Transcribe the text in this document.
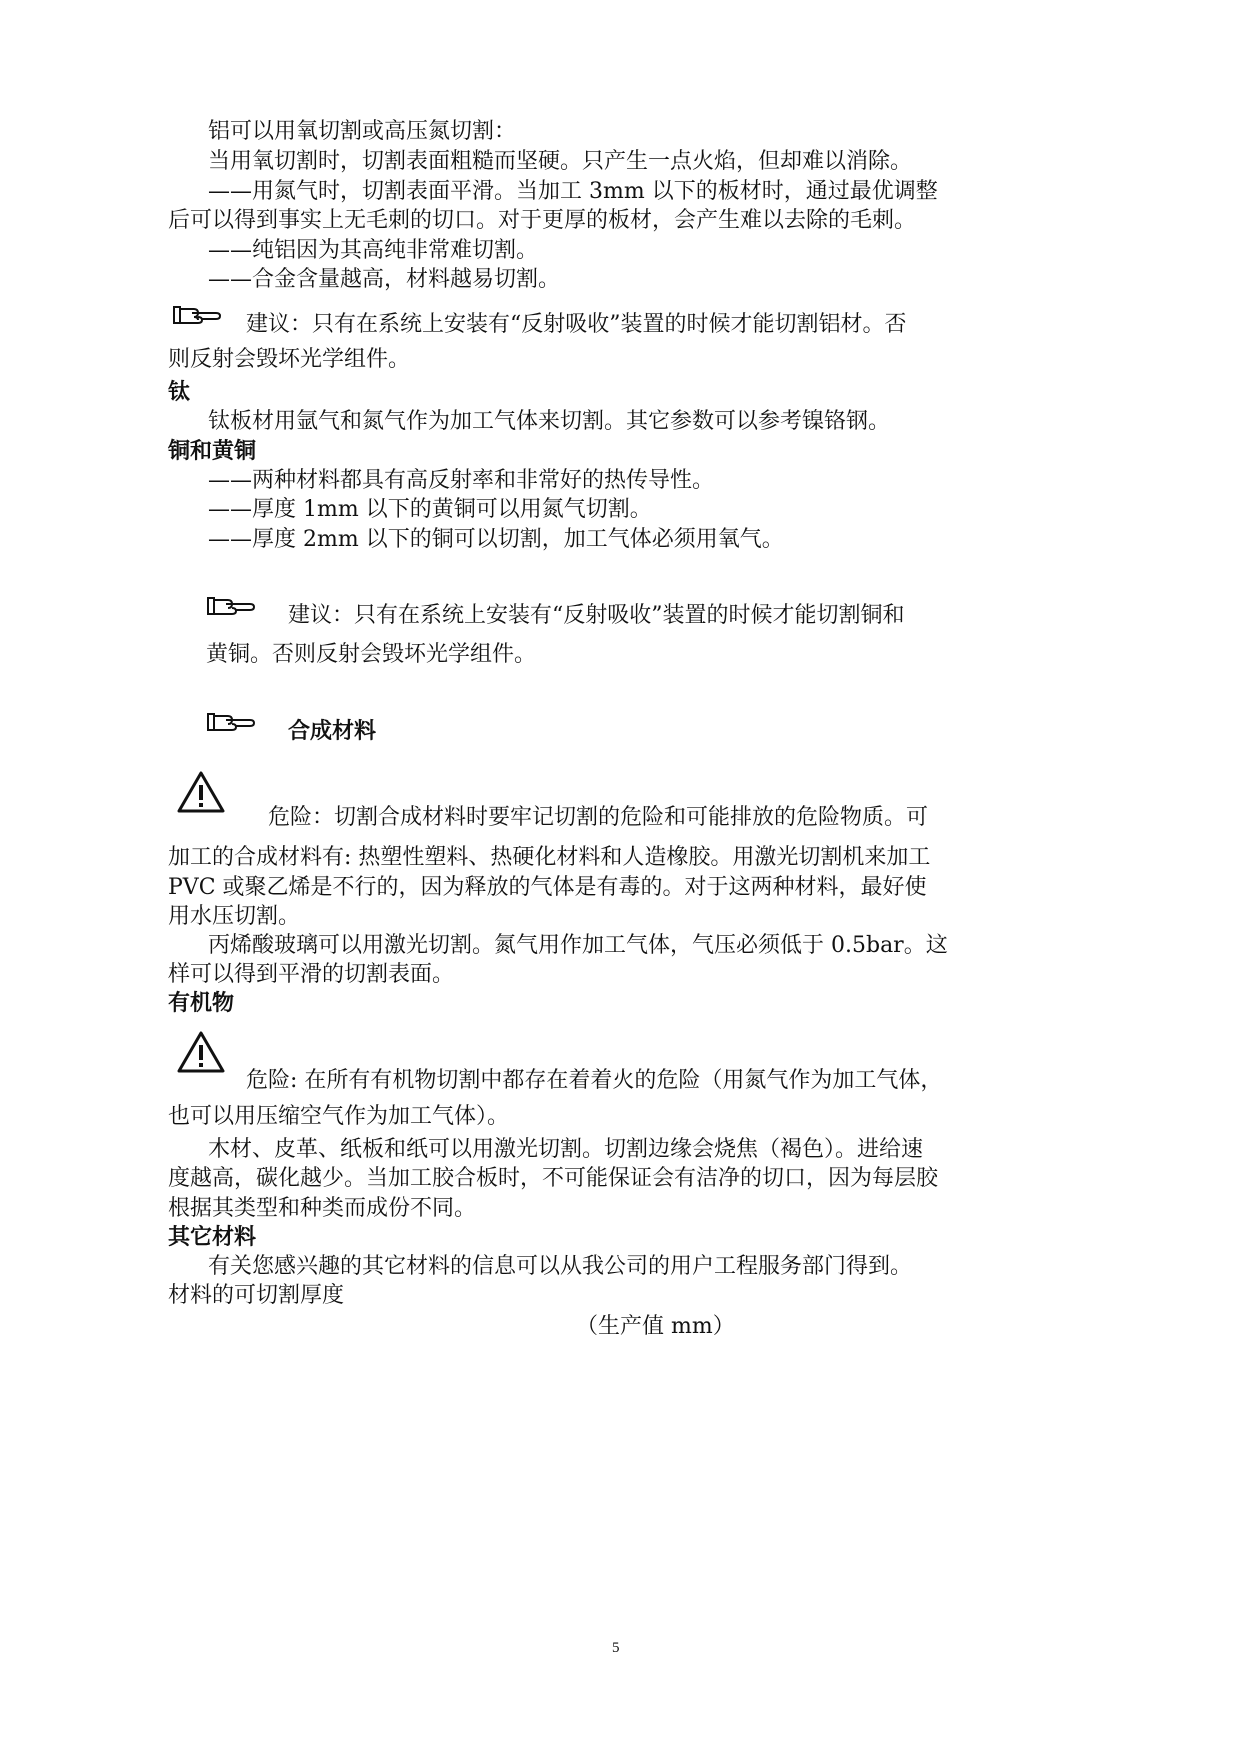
铝可以用氧切割或高压氮切割：
当用氧切割时，切割表面粗糙而坚硬。只产生一点火焰，但却难以消除。
——用氮气时，切割表面平滑。当加工 3mm 以下的板材时，通过最优调整
后可以得到事实上无毛刺的切口。对于更厚的板材，会产生难以去除的毛刺。
——纯铝因为其高纯非常难切割。
——合金含量越高，材料越易切割。
建议：只有在系统上安装有“反射吸收”装置的时候才能切割铝材。否
则反射会毁坏光学组件。
钛
钛板材用氩气和氮气作为加工气体来切割。其它参数可以参考镍铬钢。
铜和黄铜
——两种材料都具有高反射率和非常好的热传导性。
——厚度 1mm 以下的黄铜可以用氮气切割。
——厚度 2mm 以下的铜可以切割，加工气体必须用氧气。
建议：只有在系统上安装有“反射吸收”装置的时候才能切割铜和
黄铜。否则反射会毁坏光学组件。
合成材料
危险：切割合成材料时要牢记切割的危险和可能排放的危险物质。可
加工的合成材料有: 热塑性塑料、热硬化材料和人造橡胶。用激光切割机来加工
PVC 或聚乙烯是不行的，因为释放的气体是有毒的。对于这两种材料，最好使
用水压切割。
丙烯酸玻璃可以用激光切割。氮气用作加工气体，气压必须低于 0.5bar。这
样可以得到平滑的切割表面。
有机物
危险: 在所有有机物切割中都存在着着火的危险（用氮气作为加工气体，
也可以用压缩空气作为加工气体）。
木材、皮革、纸板和纸可以用激光切割。切割边缘会烧焦（褐色）。进给速
度越高，碳化越少。当加工胶合板时，不可能保证会有洁净的切口，因为每层胶
根据其类型和种类而成份不同。
其它材料
有关您感兴趣的其它材料的信息可以从我公司的用户工程服务部门得到。
材料的可切割厚度
（生产值 mm）
5
